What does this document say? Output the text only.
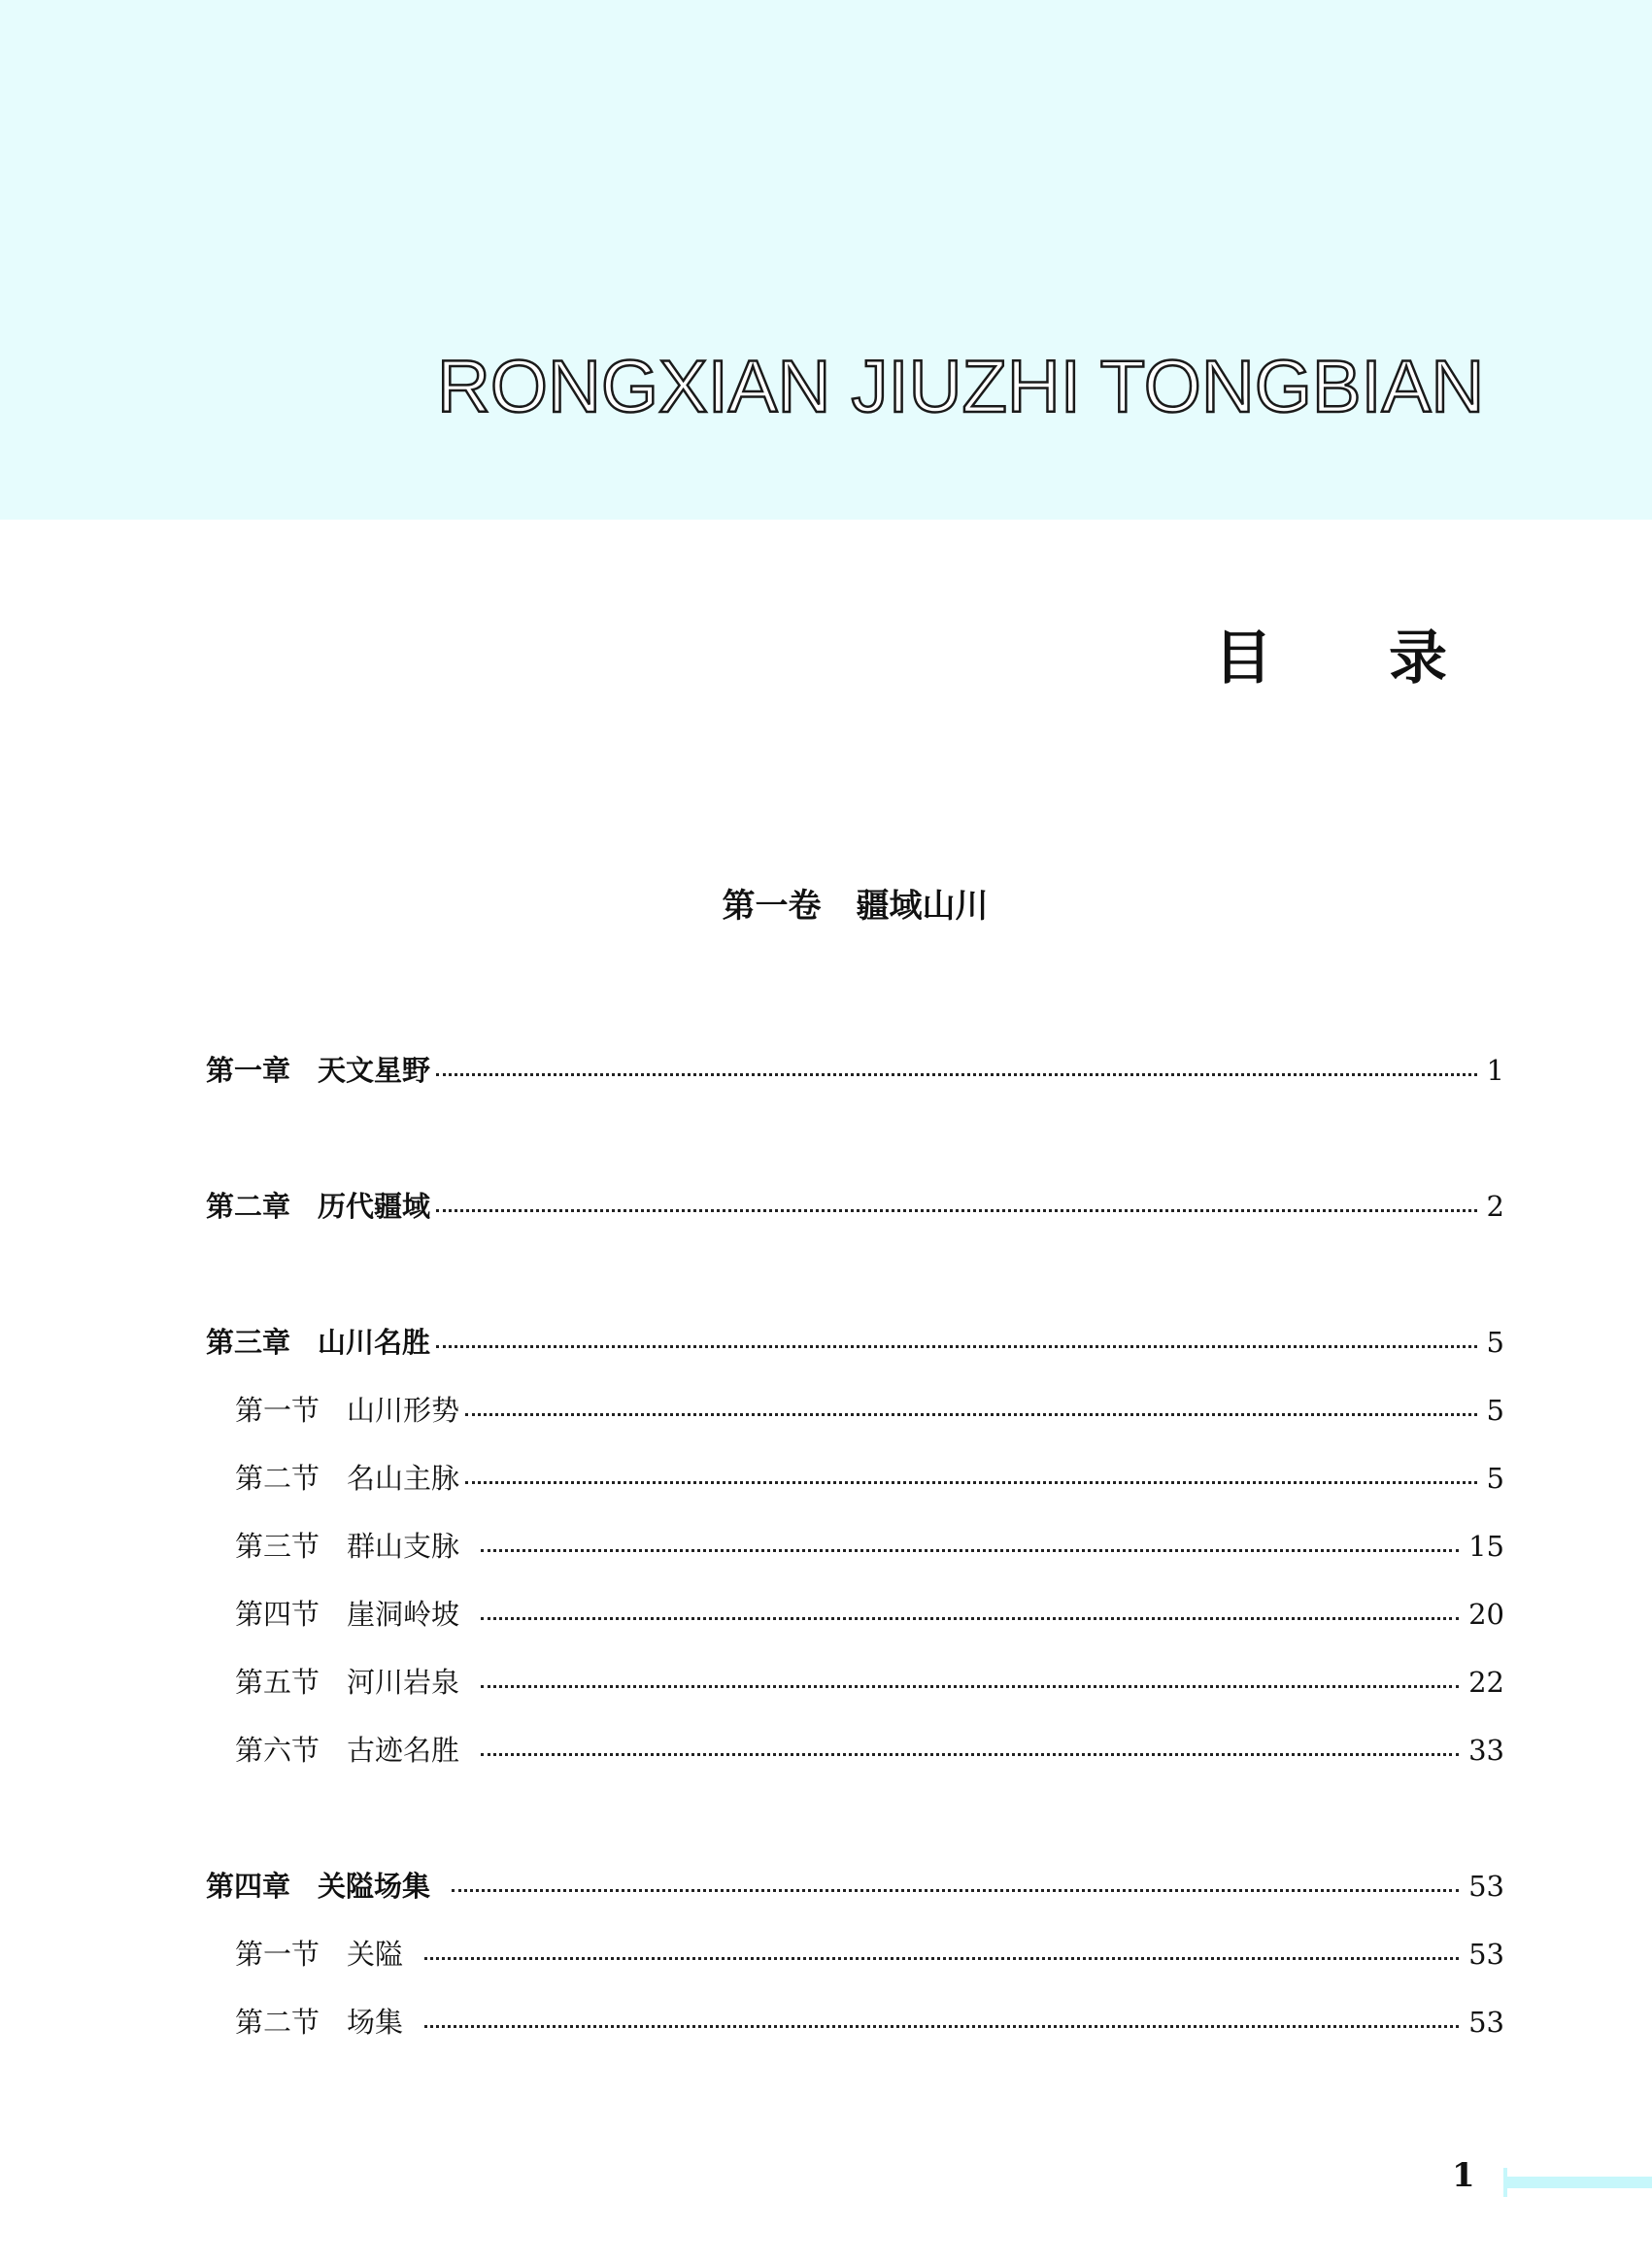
RONGXIAN JIUZHI TONGBIAN
目 录
第一卷 疆域山川
第一章 天文星野	1
第二章 历代疆域	2
第三章 山川名胜	5
第一节 山川形势	5
第二节 名山主脉	5
第三节 群山支脉	15
第四节 崖洞岭坡	20
第五节 河川岩泉	22
第六节 古迹名胜	33
第四章 关隘场集	53
第一节 关隘	53
第二节 场集	53
1
